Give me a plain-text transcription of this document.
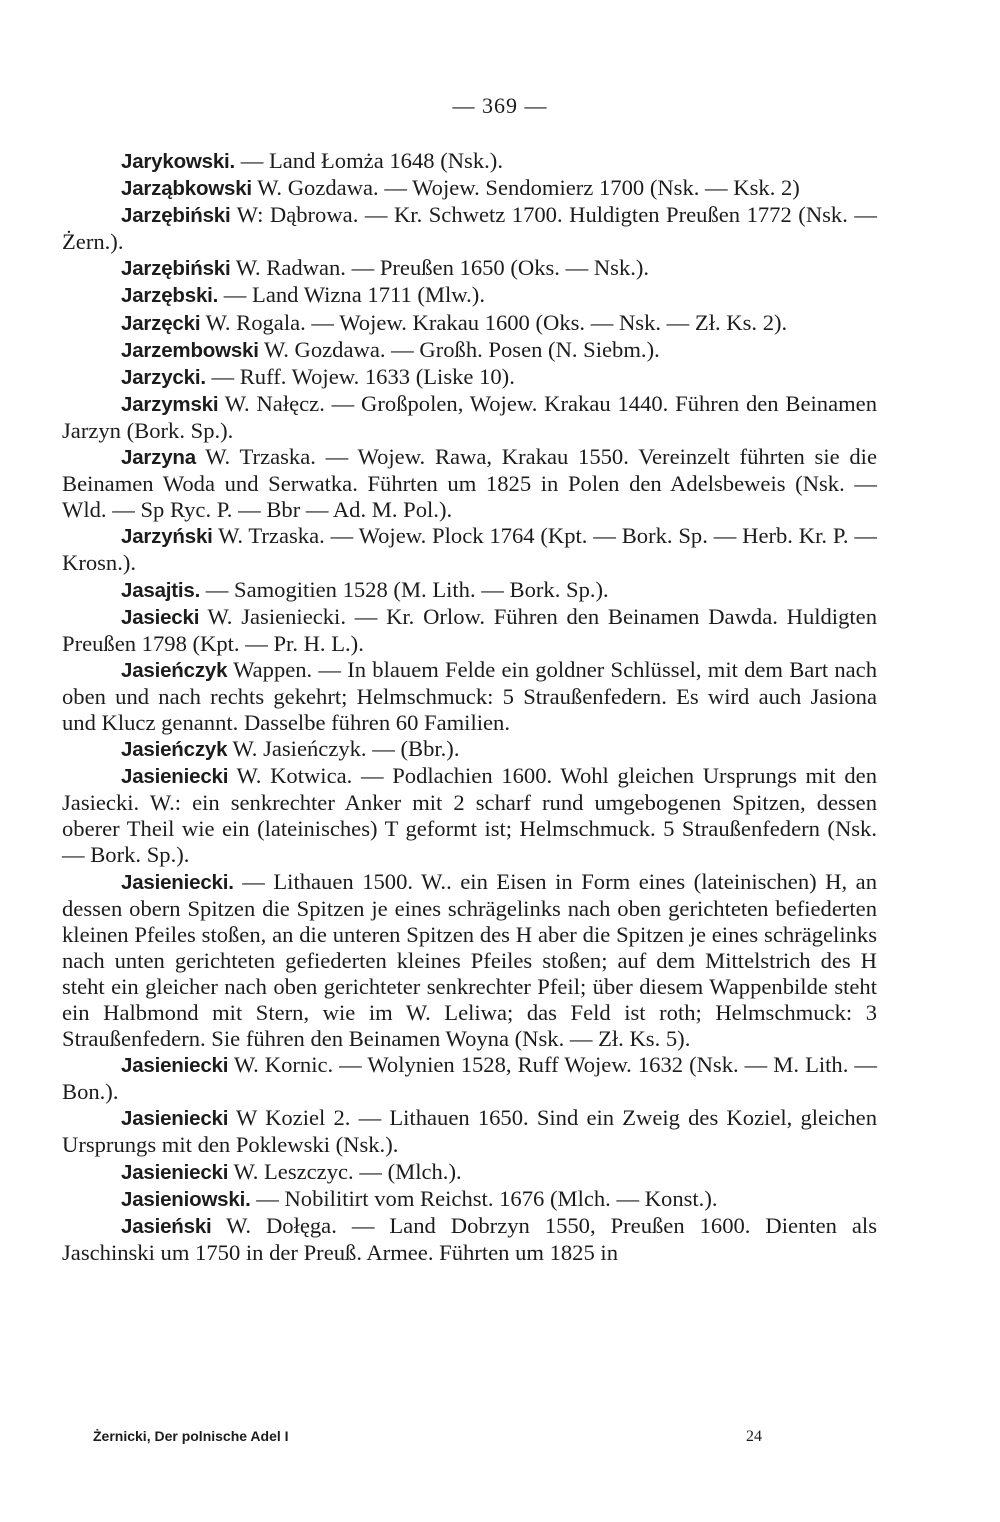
— 369 —

Jarykowski. — Land Łomża 1648 (Nsk.).

Jarząbkowski W. Gozdawa. — Wojew. Sendomierz 1700 (Nsk. — Ksk. 2)

Jarzębiński W: Dąbrowa. — Kr. Schwetz 1700. Huldigten Preußen 1772 (Nsk. — Żern.).

Jarzębiński W. Radwan. — Preußen 1650 (Oks. — Nsk.).

Jarzębski. — Land Wizna 1711 (Mlw.).

Jarzęcki W. Rogala. — Wojew. Krakau 1600 (Oks. — Nsk. — Zł. Ks. 2).

Jarzembowski W. Gozdawa. — Großh. Posen (N. Siebm.).

Jarzycki. — Ruff. Wojew. 1633 (Liske 10).

Jarzymski W. Nałęcz. — Großpolen, Wojew. Krakau 1440. Führen den Beinamen Jarzyn (Bork. Sp.).

Jarzyna W. Trzaska. — Wojew. Rawa, Krakau 1550. Vereinzelt führten sie die Beinamen Woda und Serwatka. Führten um 1825 in Polen den Adelsbeweis (Nsk. — Wld. — Sp Ryc. P. — Bbr — Ad. M. Pol.).

Jarzyński W. Trzaska. — Wojew. Plock 1764 (Kpt. — Bork. Sp. — Herb. Kr. P. — Krosn.).

Jasajtis. — Samogitien 1528 (M. Lith. — Bork. Sp.).

Jasiecki W. Jasieniecki. — Kr. Orlow. Führen den Beinamen Dawda. Huldigten Preußen 1798 (Kpt. — Pr. H. L.).

Jasieńczyk Wappen. — In blauem Felde ein goldner Schlüssel, mit dem Bart nach oben und nach rechts gekehrt; Helmschmuck: 5 Straußenfedern. Es wird auch Jasiona und Klucz genannt. Dasselbe führen 60 Familien.

Jasieńczyk W. Jasieńczyk. — (Bbr.).

Jasieniecki W. Kotwica. — Podlachien 1600. Wohl gleichen Ursprungs mit den Jasiecki. W.: ein senkrechter Anker mit 2 scharf rund umgebogenen Spitzen, dessen oberer Theil wie ein (lateinisches) T geformt ist; Helmschmuck. 5 Straußenfedern (Nsk. — Bork. Sp.).

Jasieniecki. — Lithauen 1500. W.. ein Eisen in Form eines (lateinischen) H, an dessen obern Spitzen die Spitzen je eines schrägelinks nach oben gerichteten befiederten kleinen Pfeiles stoßen, an die unteren Spitzen des H aber die Spitzen je eines schrägelinks nach unten gerichteten gefiederten kleines Pfeiles stoßen; auf dem Mittelstrich des H steht ein gleicher nach oben gerichteter senkrechter Pfeil; über diesem Wappenbilde steht ein Halbmond mit Stern, wie im W. Leliwa; das Feld ist roth; Helmschmuck: 3 Straußenfedern. Sie führen den Beinamen Woyna (Nsk. — Zł. Ks. 5).

Jasieniecki W. Kornic. — Wolynien 1528, Ruff Wojew. 1632 (Nsk. — M. Lith. — Bon.).

Jasieniecki W Koziel 2. — Lithauen 1650. Sind ein Zweig des Koziel, gleichen Ursprungs mit den Poklewski (Nsk.).

Jasieniecki W. Leszczyc. — (Mlch.).

Jasieniowski. — Nobilitirt vom Reichst. 1676 (Mlch. — Konst.).

Jasieński W. Dołęga. — Land Dobrzyn 1550, Preußen 1600. Dienten als Jaschinski um 1750 in der Preuß. Armee. Führten um 1825 in

Żernicki, Der polnische Adel I	24
